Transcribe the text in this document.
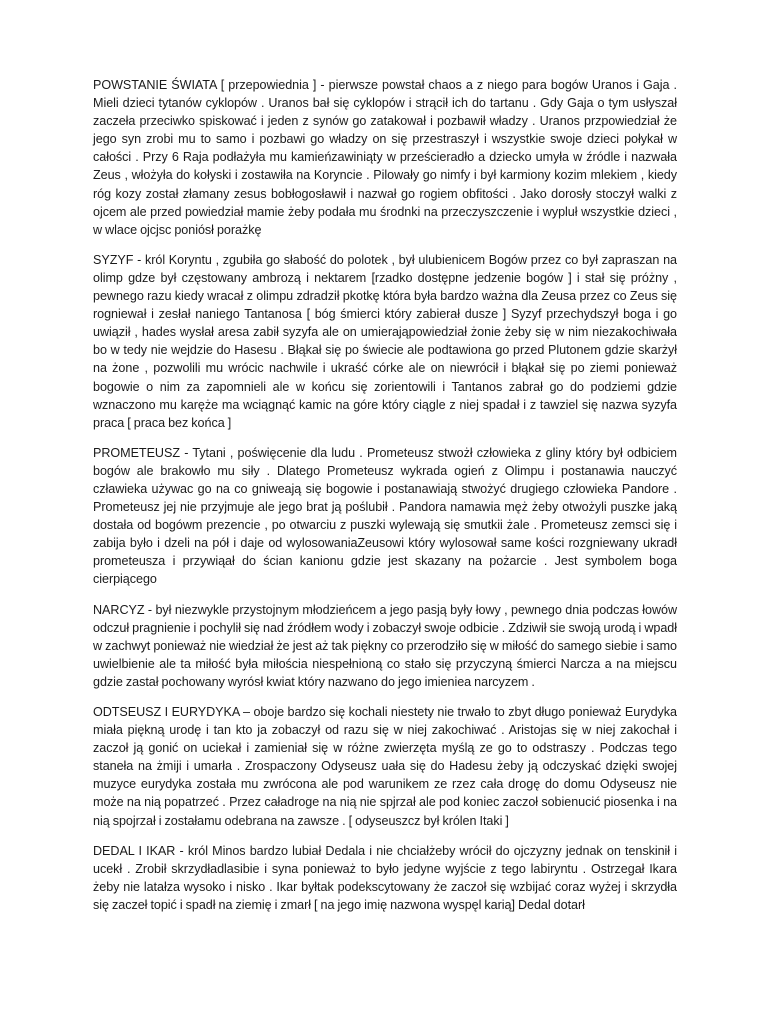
POWSTANIE ŚWIATA [ przepowiednia ] - pierwsze powstał chaos a z niego para bogów Uranos i Gaja . Mieli dzieci tytanów cyklopów . Uranos bał się cyklopów i strącił ich do tartanu . Gdy Gaja o tym usłyszał zaczeła przeciwko spiskować i jeden z synów go zatakował i pozbawił władzy . Uranos przpowiedział że jego syn zrobi mu to samo i pozbawi go władzy on się przestraszył i wszystkie swoje dzieci połykał w całości . Przy 6 Raja podłażyła mu kamieńzawiniąty w prześcieradło a dziecko umyła w źródle i nazwała Zeus , włożyła do kołyski i zostawiła na Koryncie . Pilowały go nimfy i był karmiony kozim mlekiem , kiedy róg kozy został złamany zesus bobłogosławił i nazwał go rogiem obfitości . Jako dorosły stoczył walki z ojcem ale przed powiedział mamie żeby podała mu środnki na przeczyszczenie i wypluł wszystkie dzieci , w wlace ojcjsc poniósł porażkę

SYZYF - król Koryntu , zgubiła go słabość do polotek , był ulubienicem Bogów przez co był zapraszan na olimp gdze był częstowany ambrozą i nektarem [rzadko dostępne jedzenie bogów ] i stał się próżny , pewnego razu kiedy wracał z olimpu zdradził pkotkę która była bardzo ważna dla Zeusa przez co Zeus się rogniewał i zesłał naniego Tantanosa [ bóg śmierci który zabierał dusze ] Syzyf przechydszył boga i go uwiąził , hades wysłał aresa zabił syzyfa ale on umierająpowiedział żonie żeby się w nim niezakochiwała bo w tedy nie wejdzie do Hasesu . Błąkał się po świecie ale podtawiona go przed Plutonem gdzie skarżył na żone , pozwolili mu wrócic nachwile i ukraść córke ale on niewrócił i błąkał się po ziemi ponieważ bogowie o nim za zapomnieli ale w końcu się zorientowili i Tantanos zabrał go do podziemi gdzie wznaczono mu karęże ma wciągnąć kamic na góre który ciągle z niej spadał i z tawziel się nazwa syzyfa praca [ praca bez końca ]

PROMETEUSZ - Tytani , poświęcenie dla ludu . Prometeusz stwożł człowieka z gliny który był odbiciem bogów ale brakowło mu siły . Dlatego Prometeusz wykrada ogień z Olimpu i postanawia nauczyć czławieka używac go na co gniweają się bogowie i postanawiają stwożyć drugiego człowieka Pandore . Prometeusz jej nie przyjmuje ale jego brat ją poślubił . Pandora namawia męż żeby otwożyli puszke jaką dostała od bogówm prezencie , po otwarciu z puszki wylewają się smutkii żale . Prometeusz zemsci się i zabija było i dzeli na pół i daje od wylosowaniaZeusowi który wylosował same kości rozgniewany ukradł prometeusza i przywiąał do ścian kanionu gdzie jest skazany na pożarcie . Jest symbolem boga cierpiącego

NARCYZ - był niezwykle przystojnym młodzieńcem a jego pasją były łowy , pewnego dnia podczas łowów odczuł pragnienie i pochylił się nad źródłem wody i zobaczył swoje odbicie . Zdziwił sie swoją urodą i wpadł w zachwyt ponieważ nie wiedział że jest aż tak piękny co przerodziło się w miłość do samego siebie i samo uwielbienie ale ta miłość była miłościa niespełnioną co stało się przyczyną śmierci Narcza a na miejscu gdzie zastał pochowany wyrósł kwiat który nazwano do jego imieniea narcyzem .

ODTSEUSZ I EURYDYKA – oboje bardzo się kochali niestety nie trwało to zbyt długo ponieważ Eurydyka miała piękną urodę i tan kto ja zobaczył od razu się w niej zakochiwać . Aristojas się w niej zakochał i zaczoł ją gonić on uciekał i zamieniał się w różne zwierzęta myślą ze go to odstraszy . Podczas tego staneła na żmiji i umarła . Zrospaczony Odyseusz uała się do Hadesu żeby ją odczyskać dzięki swojej muzyce eurydyka została mu zwrócona ale pod warunikem ze rzez cała drogę do domu Odyseusz nie może na nią popatrzeć . Przez caładroge na nią nie spjrzał ale pod koniec zaczoł sobienucić piosenka i na nią spojrzał i zostałamu odebrana na zawsze . [ odyseuszcz był królen Itaki ]

DEDAL I IKAR - król Minos bardzo lubiał Dedala i nie chciałżeby wrócił do ojczyzny jednak on tenskinił i ucekł . Zrobił skrzydładlasibie i syna ponieważ to było jedyne wyjście z tego labiryntu . Ostrzegał Ikara żeby nie latałza wysoko i nisko . Ikar byłtak podekscytowany że zaczoł się wzbijać coraz wyżej i skrzydła się zaczeł topić i spadł na ziemię i zmarł [ na jego imię nazwona wyspęl karią] Dedal dotarł
